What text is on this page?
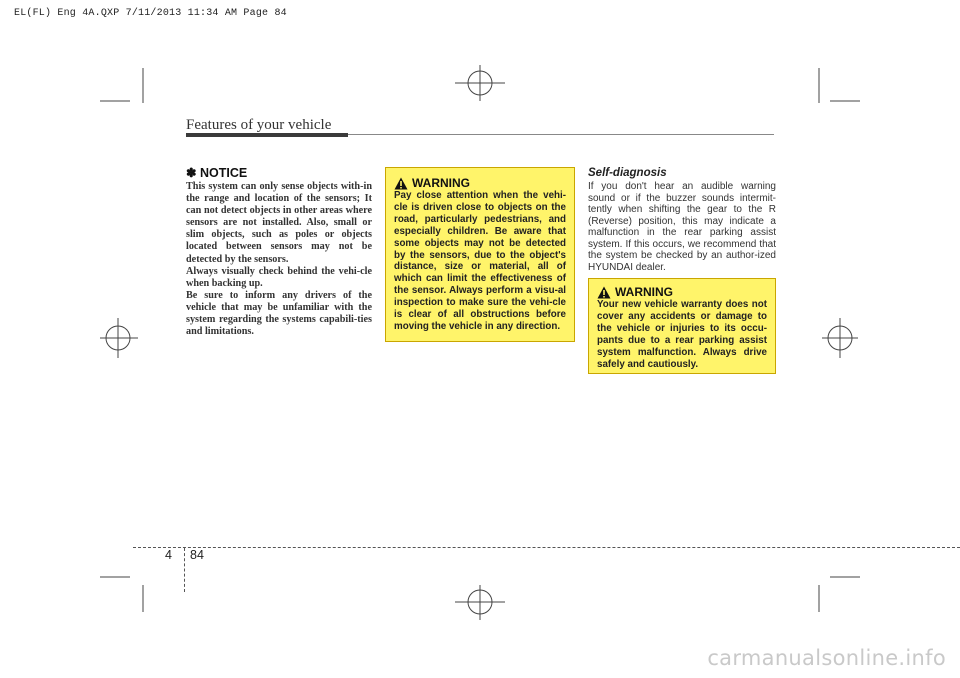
EL(FL) Eng 4A.QXP 7/11/2013 11:34 AM Page 84
Features of your vehicle
✽ NOTICE

This system can only sense objects with-in the range and location of the sensors; It can not detect objects in other areas where sensors are not installed. Also, small or slim objects, such as poles or objects located between sensors may not be detected by the sensors.

Always visually check behind the vehi-cle when backing up.

Be sure to inform any drivers of the vehicle that may be unfamiliar with the system regarding the systems capabili-ties and limitations.

WARNING

Pay close attention when the vehi-cle is driven close to objects on the road, particularly pedestrians, and especially children. Be aware that some objects may not be detected by the sensors, due to the object's distance, size or material, all of which can limit the effectiveness of the sensor. Always perform a visu-al inspection to make sure the vehi-cle is clear of all obstructions before moving the vehicle in any direction.

Self-diagnosis

If you don't hear an audible warning sound or if the buzzer sounds intermit-tently when shifting the gear to the R (Reverse) position, this may indicate a malfunction in the rear parking assist system. If this occurs, we recommend that the system be checked by an author-ized HYUNDAI dealer.

WARNING

Your new vehicle warranty does not cover any accidents or damage to the vehicle or injuries to its occu-pants due to a rear parking assist system malfunction. Always drive safely and cautiously.

4 84
carmanualsonline.info
